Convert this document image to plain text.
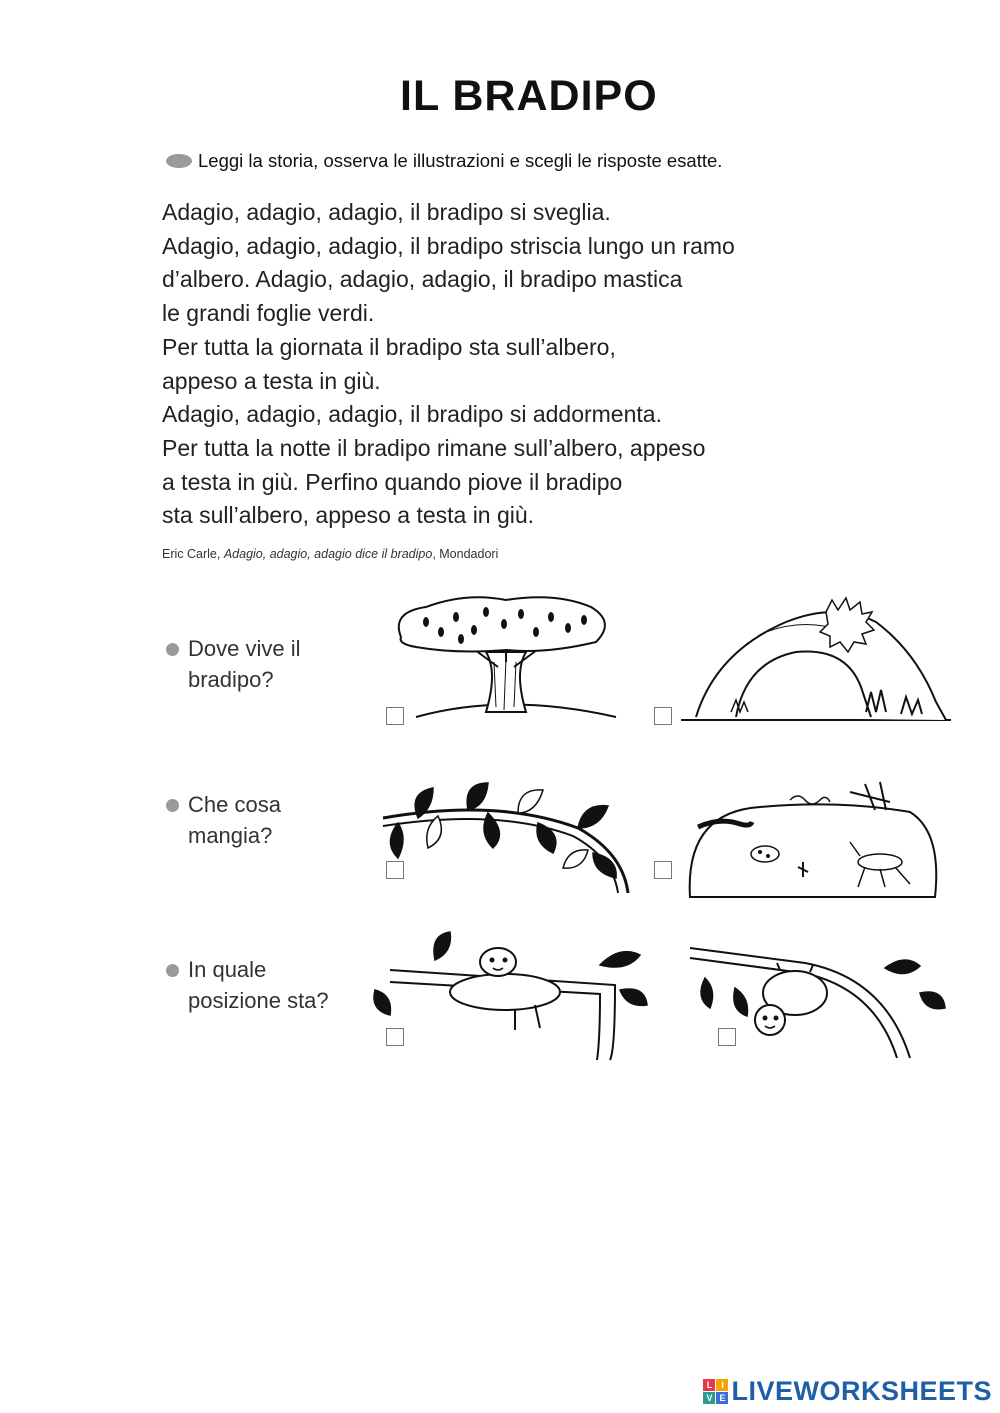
IL BRADIPO
Leggi la storia, osserva le illustrazioni e scegli le risposte esatte.
Adagio, adagio, adagio, il bradipo si sveglia.
Adagio, adagio, adagio, il bradipo striscia lungo un ramo
d’albero. Adagio, adagio, adagio, il bradipo mastica
le grandi foglie verdi.
Per tutta la giornata il bradipo sta sull’albero,
appeso a testa in giù.
Adagio, adagio, adagio, il bradipo si addormenta.
Per tutta la notte il bradipo rimane sull’albero, appeso
a testa in giù. Perfino quando piove il bradipo
sta sull’albero, appeso a testa in giù.
Eric Carle, Adagio, adagio, adagio dice il bradipo, Mondadori
Dove vive il
bradipo?
Che cosa
mangia?
In quale
posizione sta?
L I
V E LIVEWORKSHEETS
